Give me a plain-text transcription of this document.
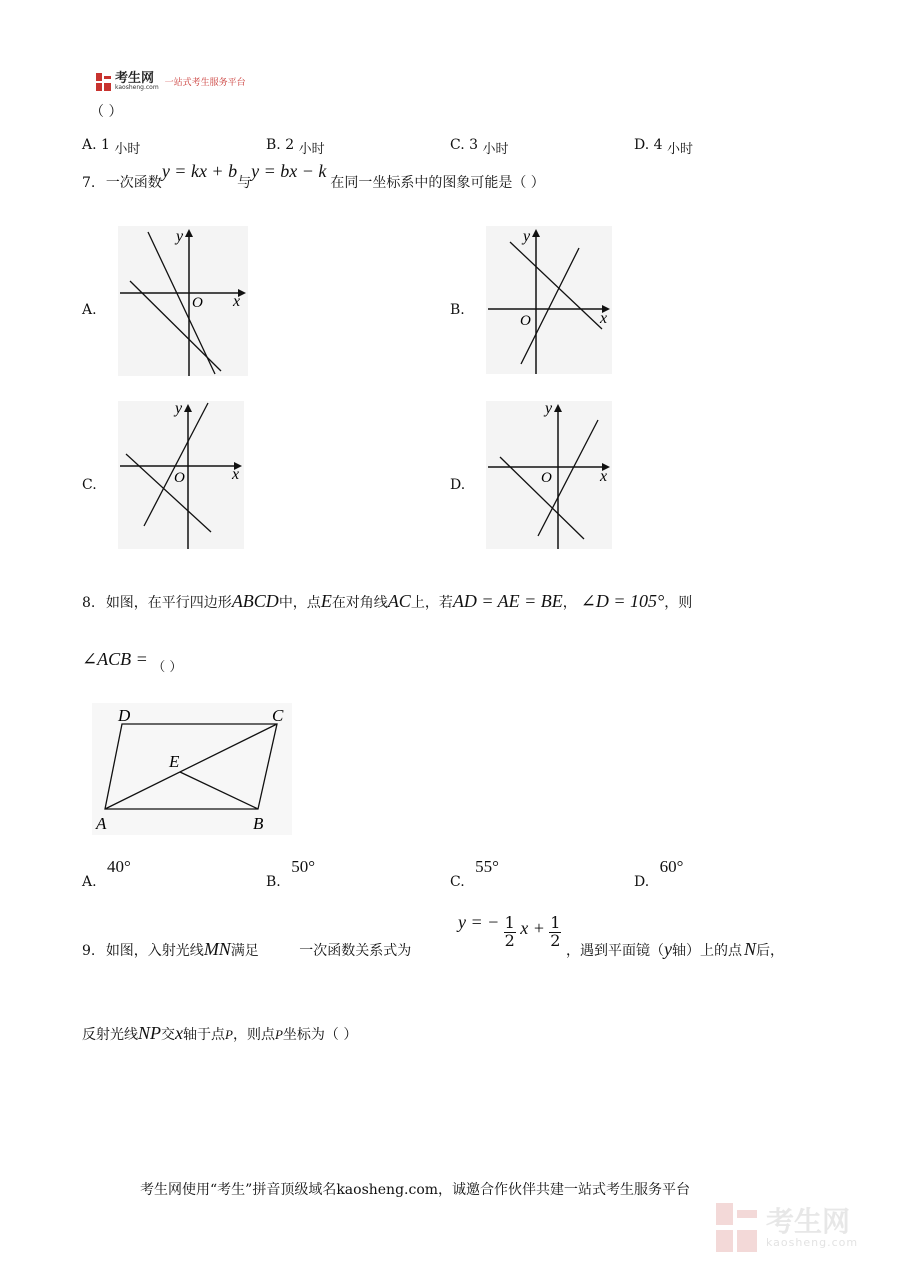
考生网
kaosheng.com 一站式考生服务平台
（ ）
A. 1 小时	B. 2 小时	C. 3 小时	D. 4 小时
7. 一次函数y = kx + b与y = bx − k在同一坐标系中的图象可能是（ ）
A.
y
x
O	B.
y
x
O
C.
y
x
O	D.
y
x
O
8. 如图，在平行四边形ABCD中，点E在对角线AC上，若AD = AE = BE， ∠D = 105°，则
∠ACB = （ ）
D	C
E
A	B
A. 40°
B. 50°
C. 55°
D. 60°
9. 如图，入射光线MN满足	一次函数关系式为
y = − $\frac{1}{2}$ $x + \frac{1}{2}$
，遇到平面镜（y轴）上的点 N后，
反射光线NP交x轴于点P，则点P坐标为（ ）
考生网使用“考生”拼音顶级域名kaosheng.com，诚邀合作伙伴共建一站式考生服务平台
考生网
kaosheng.com
